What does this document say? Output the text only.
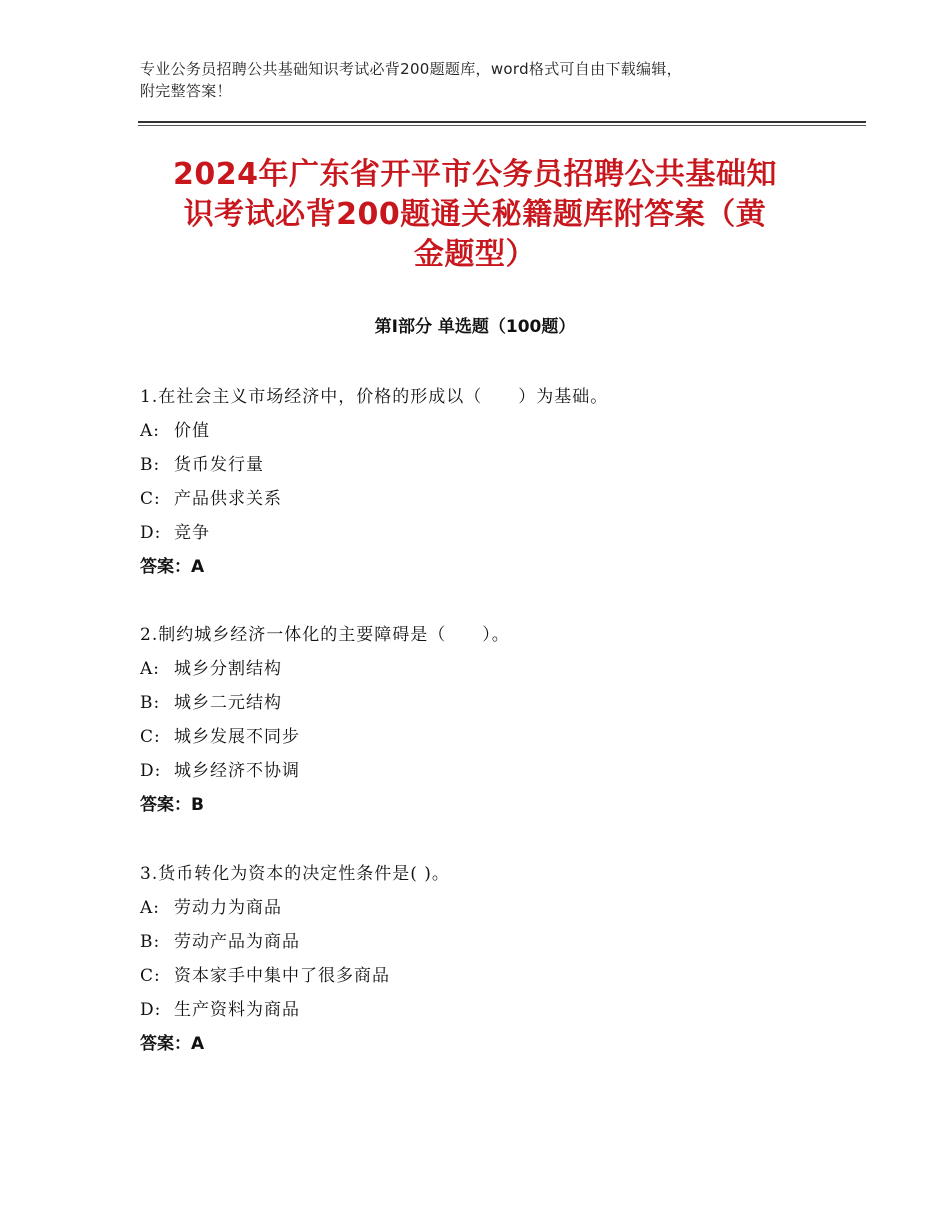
专业公务员招聘公共基础知识考试必背200题题库，word格式可自由下载编辑，
附完整答案！
2024年广东省开平市公务员招聘公共基础知
识考试必背200题通关秘籍题库附答案（黄
金题型）
第Ⅰ部分 单选题（100题）
1.在社会主义市场经济中，价格的形成以（　　）为基础。
A: 价值
B: 货币发行量
C: 产品供求关系
D: 竞争
答案：A
2.制约城乡经济一体化的主要障碍是（　　）。
A: 城乡分割结构
B: 城乡二元结构
C: 城乡发展不同步
D: 城乡经济不协调
答案：B
3.货币转化为资本的决定性条件是( )。
A: 劳动力为商品
B: 劳动产品为商品
C: 资本家手中集中了很多商品
D: 生产资料为商品
答案：A
